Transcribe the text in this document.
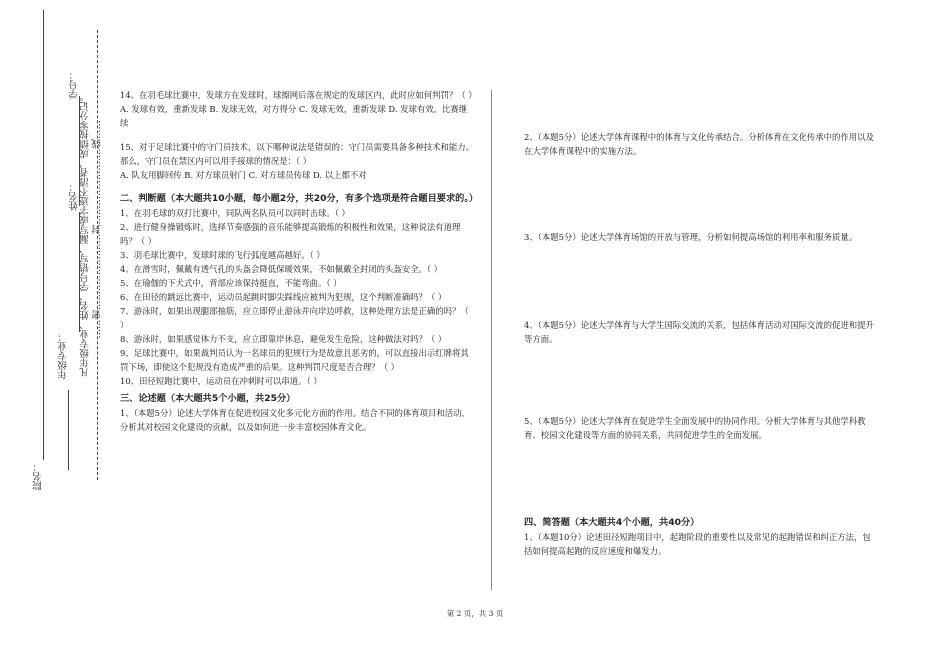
学号：
姓名：
年级专业：
院名：
凡年级专业、姓名、学号错写、漏写或字迹不清者，成绩按零分记。 ……密……………………封……………………线……

14、在羽毛球比赛中，发球方在发球时，球擦网后落在规定的发球区内，此时应如何判罚？（ ）

A. 发球有效，重新发球 B. 发球无效，对方得分 C. 发球无效，重新发球 D. 发球有效，比赛继续

15、对于足球比赛中的守门员技术，以下哪种说法是错误的：守门员需要具备多种技术和能力。那么，守门员在禁区内可以用手接球的情况是：（ ）

A. 队友用脚回传 B. 对方球员射门 C. 对方球员传球 D. 以上都不对

二、判断题（本大题共10小题，每小题2分，共20分，有多个选项是符合题目要求的。）

1、在羽毛球的双打比赛中，同队两名队员可以同时击球。（ ）

2、进行健身操锻炼时，选择节奏感强的音乐能够提高锻炼的积极性和效果，这种说法有道理吗？（ ）

3、羽毛球比赛中，发球时球的飞行弧度越高越好。（ ）

4、在滑雪时，佩戴有透气孔的头盔会降低保暖效果，不如佩戴全封闭的头盔安全。（ ）

5、在瑜伽的下犬式中，背部应该保持挺直，不能弯曲。（ ）

6、在田径的跳远比赛中，运动员起跳时脚尖踩线应被判为犯规，这个判断准确吗？（ ）

7、游泳时，如果出现腿部抽筋，应立即停止游泳并向岸边呼救，这种处理方法是正确的吗？（ ）

8、游泳时，如果感觉体力不支，应立即靠岸休息，避免发生危险，这种做法对吗？（ ）

9、足球比赛中，如果裁判员认为一名球员的犯规行为是故意且恶劣的，可以直接出示红牌将其罚下场，即使这个犯规没有造成严重的后果。这种判罚尺度是否合理？（ ）

10、田径短跑比赛中，运动员在冲刺时可以串道。（ ）

三、论述题（本大题共5个小题，共25分）

1、（本题5分）论述大学体育在促进校园文化多元化方面的作用。结合不同的体育项目和活动，分析其对校园文化建设的贡献，以及如何进一步丰富校园体育文化。

2、（本题5分）论述大学体育课程中的体育与文化传承结合。分析体育在文化传承中的作用以及在大学体育课程中的实施方法。

3、（本题5分）论述大学体育场馆的开放与管理，分析如何提高场馆的利用率和服务质量。

4、（本题5分）论述大学体育与大学生国际交流的关系，包括体育活动对国际交流的促进和提升等方面。

5、（本题5分）论述大学体育在促进学生全面发展中的协同作用。分析大学体育与其他学科教育、校园文化建设等方面的协同关系，共同促进学生的全面发展。

四、简答题（本大题共4个小题，共40分）

1、（本题10分）论述田径短跑项目中，起跑阶段的重要性以及常见的起跑错误和纠正方法，包括如何提高起跑的反应速度和爆发力。

第 2 页，共 3 页
